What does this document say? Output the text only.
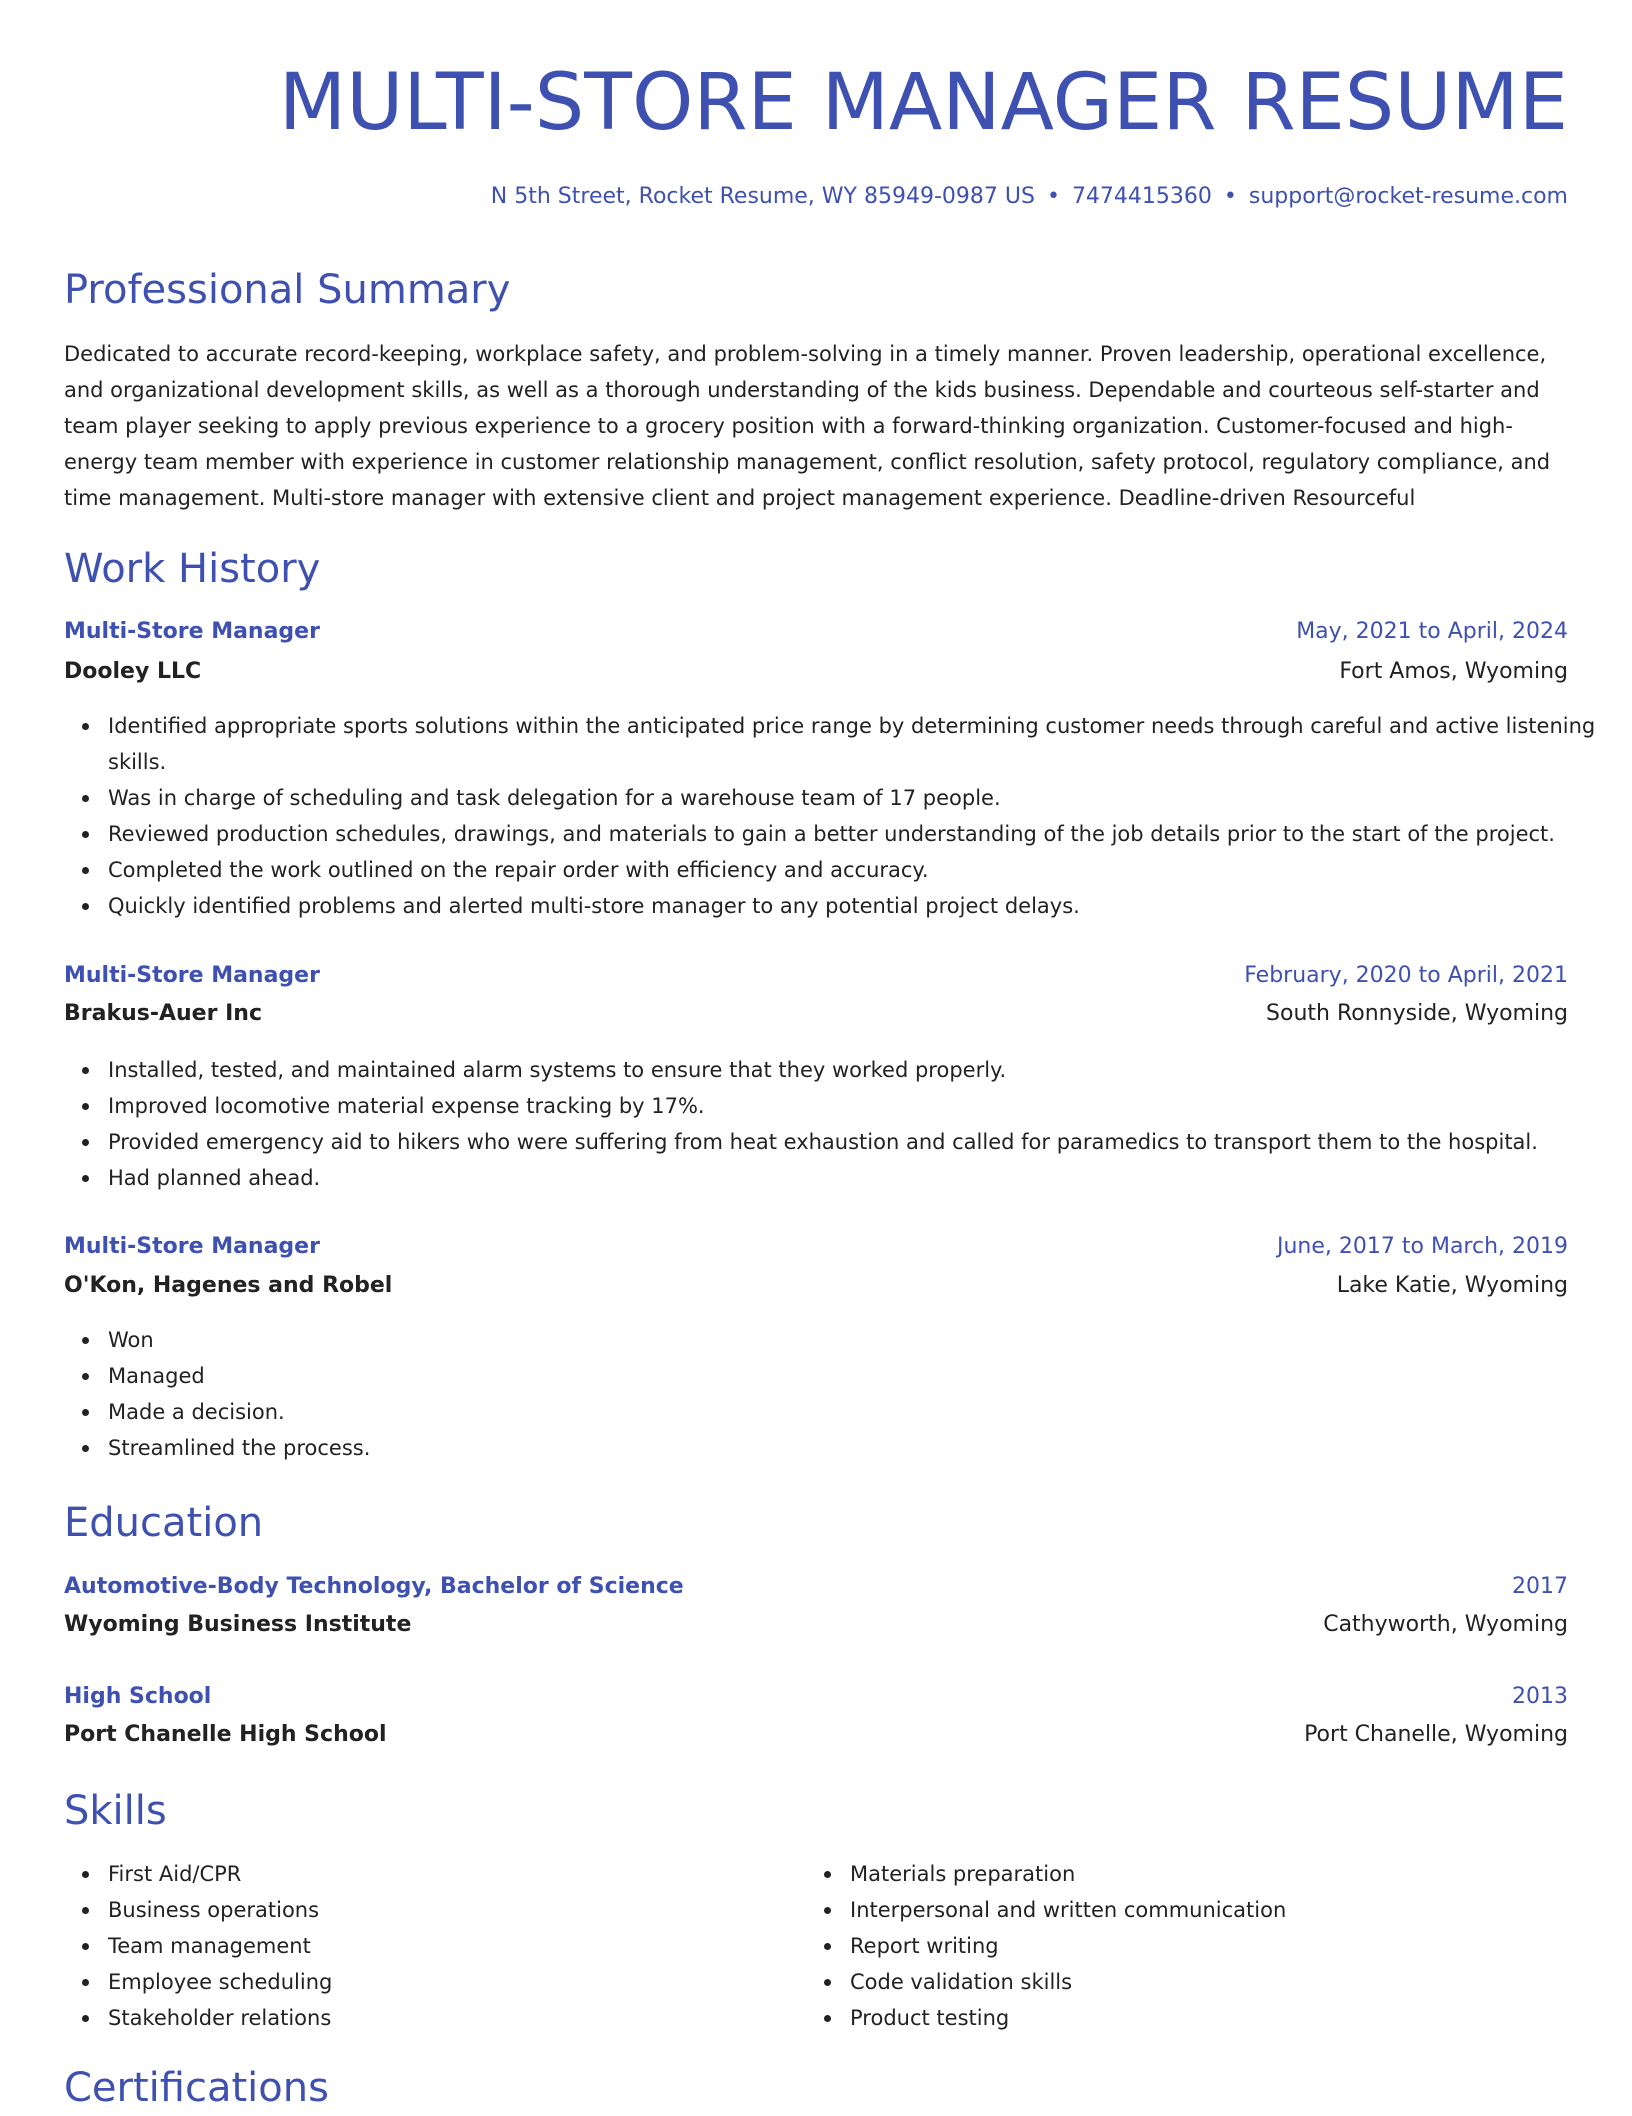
MULTI-STORE MANAGER RESUME
N 5th Street, Rocket Resume, WY 85949-0987 US • 7474415360 • support@rocket-resume.com
Professional Summary

Dedicated to accurate record-keeping, workplace safety, and problem-solving in a timely manner. Proven leadership, operational excellence, and organizational development skills, as well as a thorough understanding of the kids business. Dependable and courteous self-starter and team player seeking to apply previous experience to a grocery position with a forward-thinking organization. Customer-focused and high-energy team member with experience in customer relationship management, conflict resolution, safety protocol, regulatory compliance, and time management. Multi-store manager with extensive client and project management experience. Deadline-driven Resourceful

Work History
Multi-Store Manager	May, 2021 to April, 2024
Dooley LLC	Fort Amos, Wyoming
Identified appropriate sports solutions within the anticipated price range by determining customer needs through careful and active listening skills.
Was in charge of scheduling and task delegation for a warehouse team of 17 people.
Reviewed production schedules, drawings, and materials to gain a better understanding of the job details prior to the start of the project.
Completed the work outlined on the repair order with efficiency and accuracy.
Quickly identified problems and alerted multi-store manager to any potential project delays.
Multi-Store Manager	February, 2020 to April, 2021
Brakus-Auer Inc	South Ronnyside, Wyoming
Installed, tested, and maintained alarm systems to ensure that they worked properly.
Improved locomotive material expense tracking by 17%.
Provided emergency aid to hikers who were suffering from heat exhaustion and called for paramedics to transport them to the hospital.
Had planned ahead.
Multi-Store Manager	June, 2017 to March, 2019
O'Kon, Hagenes and Robel	Lake Katie, Wyoming
Won
Managed
Made a decision.
Streamlined the process.
Education
Automotive-Body Technology, Bachelor of Science	2017
Wyoming Business Institute	Cathyworth, Wyoming
High School	2013
Port Chanelle High School	Port Chanelle, Wyoming
Skills
First Aid/CPR
Business operations
Team management
Employee scheduling
Stakeholder relations
Materials preparation
Interpersonal and written communication
Report writing
Code validation skills
Product testing
Certifications
